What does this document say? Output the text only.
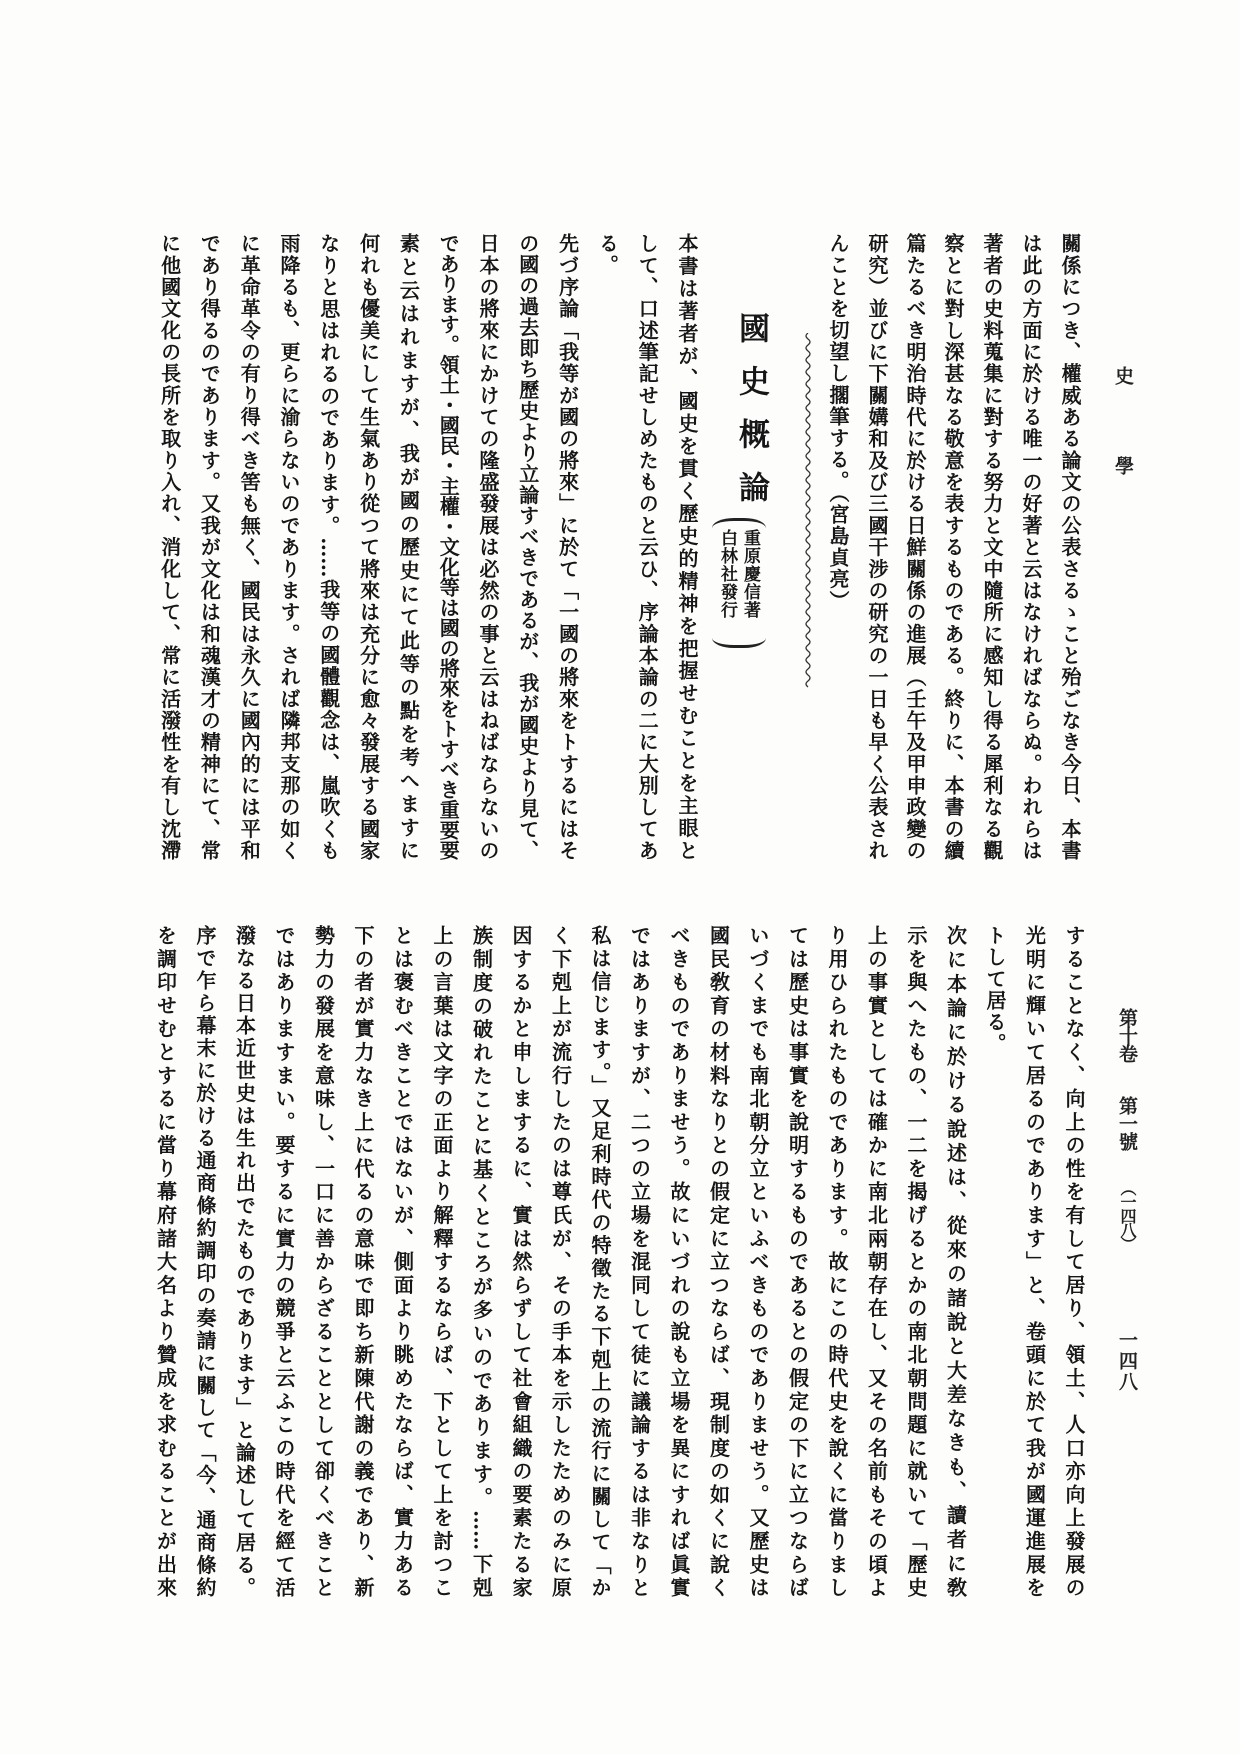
史
學
第十卷
第一號
（一四八）
一四八
關係につき、權威ある論文の公表さるゝこと殆ごなき今日、本書
は此の方面に於ける唯一の好著と云はなければならぬ。われらは
著者の史料蒐集に對する努力と文中隨所に感知し得る犀利なる觀
察とに對し深甚なる敬意を表するものである。終りに、本書の續
篇たるべき明治時代に於ける日鮮關係の進展（壬午及甲申政變の
研究）並びに下關媾和及び三國干涉の研究の一日も早く公表され
んことを切望し擱筆する。（宮島貞亮）
本書は著者が、國史を貫く歷史的精神を把握せむことを主眼と
して、口述筆記せしめたものと云ひ、序論本論の二に大別してあ
る。
先づ序論「我等が國の將來」に於て「一國の將來をトするにはそ
の國の過去即ち歷史より立論すべきであるが、我が國史より見て、
日本の將來にかけての隆盛發展は必然の事と云はねばならないの
であります。領土・國民・主權・文化等は國の將來をトすべき重要要
素と云はれますが、我が國の歷史にて此等の點を考へますに
何れも優美にして生氣あり從つて將來は充分に愈々發展する國家
なりと思はれるのであります。……我等の國體觀念は、嵐吹くも
雨降るも、更らに渝らないのであります。されば隣邦支那の如く
に革命革令の有り得べき筈も無く、國民は永久に國內的には平和
であり得るのであります。又我が文化は和魂漢才の精神にて、常
に他國文化の長所を取り入れ、消化して、常に活潑性を有し沈滯	國史概論
重原慶信著
白林社發行
することなく、向上の性を有して居り、領土、人口亦向上發展の
光明に輝いて居るのであります」と、卷頭に於て我が國運進展を
トして居る。
次に本論に於ける說述は、從來の諸說と大差なきも、讀者に敎
示を與へたもの、一二を揭げるとかの南北朝問題に就いて「歷史
上の事實としては確かに南北兩朝存在し、又その名前もその頃よ
り用ひられたものであります。故にこの時代史を說くに當りまし
ては歷史は事實を說明するものであるとの假定の下に立つならば
いづくまでも南北朝分立といふべきものでありませう。又歷史は
國民敎育の材料なりとの假定に立つならば、現制度の如くに說く
べきものでありませう。故にいづれの說も立場を異にすれば眞實
ではありますが、二つの立場を混同して徒に議論するは非なりと
私は信じます。」又足利時代の特徵たる下剋上の流行に關して「か
く下剋上が流行したのは尊氏が、その手本を示したためのみに原
因するかと申しまするに、實は然らずして社會組織の要素たる家
族制度の破れたことに基くところが多いのであります。……下剋
上の言葉は文字の正面より解釋するならば、下として上を討つこ
とは褒むべきことではないが、側面より眺めたならば、實力ある
下の者が實力なき上に代るの意味で即ち新陳代謝の義であり、新
勢力の發展を意味し、一口に善からざることとして卻くべきこと
ではありますまい。要するに實力の競爭と云ふこの時代を經て活
潑なる日本近世史は生れ出でたものであります」と論述して居る。
序で乍ら幕末に於ける通商條約調印の奏請に關して「今、通商條約
を調印せむとするに當り幕府諸大名より贊成を求むることが出來
